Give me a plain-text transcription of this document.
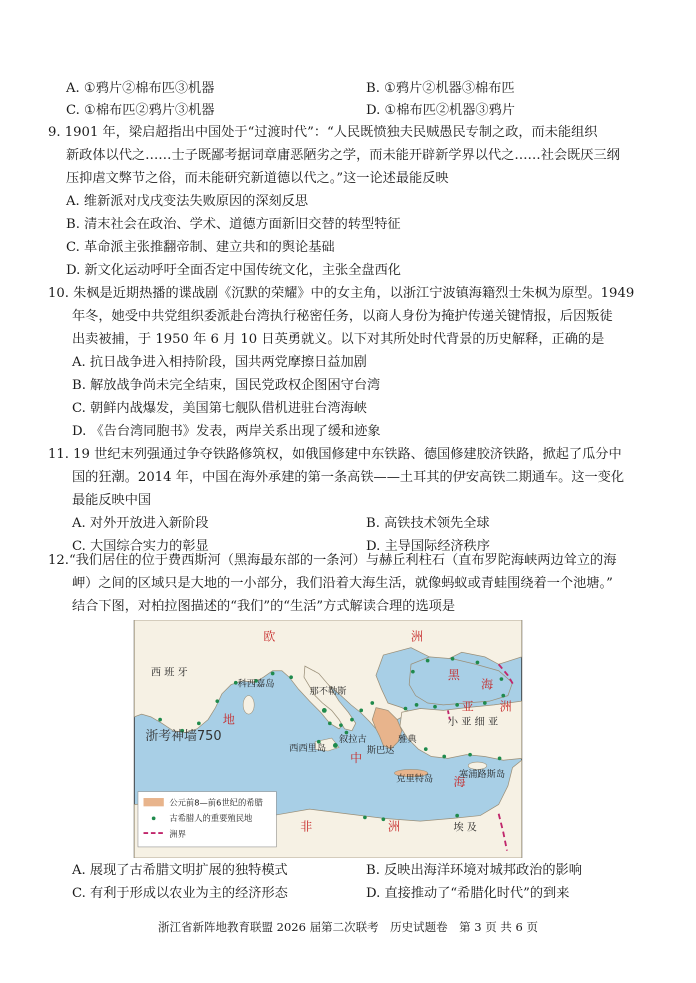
A. ①鸦片②棉布匹③机器	B. ①鸦片②机器③棉布匹
C. ①棉布匹②鸦片③机器	D. ①棉布匹②机器③鸦片
9. 1901 年，梁启超指出中国处于“过渡时代”：“人民既愤独夫民贼愚民专制之政，而未能组织
新政体以代之……士子既鄙考据词章庸恶陋劣之学，而未能开辟新学界以代之……社会既厌三纲
压抑虐文弊节之俗，而未能研究新道德以代之。”这一论述最能反映
A. 维新派对戊戌变法失败原因的深刻反思
B. 清末社会在政治、学术、道德方面新旧交替的转型特征
C. 革命派主张推翻帝制、建立共和的舆论基础
D. 新文化运动呼吁全面否定中国传统文化，主张全盘西化
10. 朱枫是近期热播的谍战剧《沉默的荣耀》中的女主角，以浙江宁波镇海籍烈士朱枫为原型。1949
年冬，她受中共党组织委派赴台湾执行秘密任务，以商人身份为掩护传递关键情报，后因叛徒
出卖被捕，于 1950 年 6 月 10 日英勇就义。以下对其所处时代背景的历史解释，正确的是
A. 抗日战争进入相持阶段，国共两党摩擦日益加剧
B. 解放战争尚未完全结束，国民党政权企图困守台湾
C. 朝鲜内战爆发，美国第七舰队借机进驻台湾海峡
D. 《告台湾同胞书》发表，两岸关系出现了缓和迹象
11. 19 世纪末列强通过争夺铁路修筑权，如俄国修建中东铁路、德国修建胶济铁路，掀起了瓜分中
国的狂潮。2014 年，中国在海外承建的第一条高铁——土耳其的伊安高铁二期通车。这一变化
最能反映中国
A. 对外开放进入新阶段	B. 高铁技术领先全球
C. 大国综合实力的彰显	D. 主导国际经济秩序
12.“我们居住的位于费西斯河（黑海最东部的一条河）与赫丘利柱石（直布罗陀海峡两边耸立的海
岬）之间的区域只是大地的一小部分，我们沿着大海生活，就像蚂蚁或青蛙围绕着一个池塘。”
结合下图，对柏拉图描述的“我们”的“生活”方式解读合理的选项是
欧	洲
黑
海
亚 洲
地
中
海
非	洲
西 班 牙
科西嘉岛
那不勒斯
小 亚 细 亚
西西里岛
叙拉古	雅典
斯巴达
克里特岛	塞浦路斯岛
埃 及
浙考神墙750
公元前8—前6世纪的希腊
古希腊人的重要殖民地
洲界
A. 展现了古希腊文明扩展的独特模式	B. 反映出海洋环境对城邦政治的影响
C. 有利于形成以农业为主的经济形态	D. 直接推动了“希腊化时代”的到来
浙江省新阵地教育联盟 2026 届第二次联考　历史试题卷　第 3 页 共 6 页
